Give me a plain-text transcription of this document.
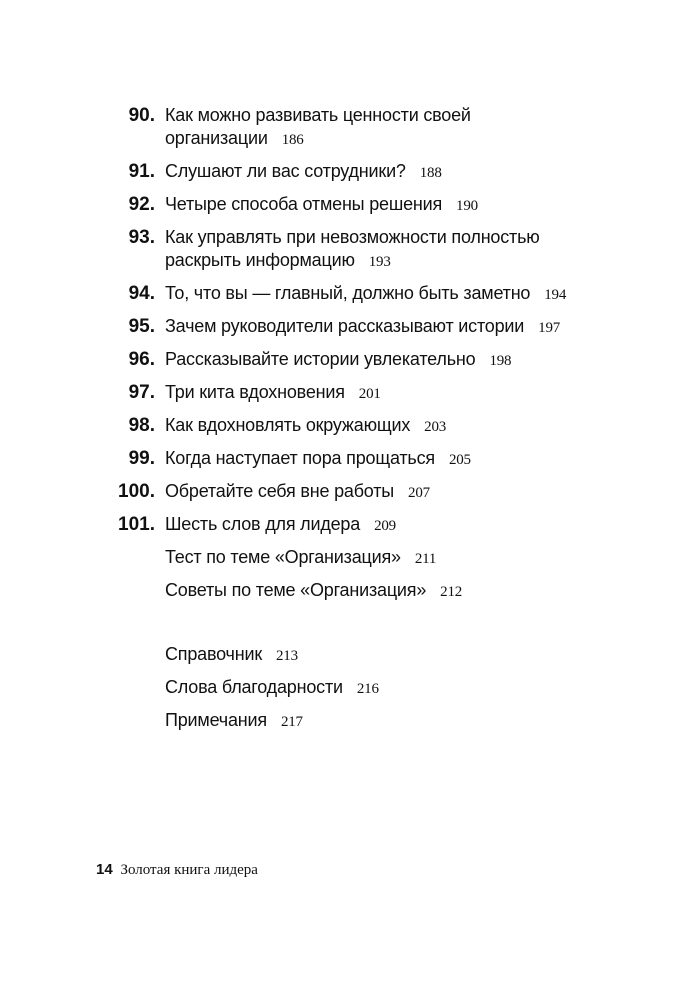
90. Как можно развивать ценности своей
организации 186
91. Слушают ли вас сотрудники? 188
92. Четыре способа отмены решения 190
93. Как управлять при невозможности полностью
раскрыть информацию 193
94. То, что вы — главный, должно быть заметно 194
95. Зачем руководители рассказывают истории 197
96. Рассказывайте истории увлекательно 198
97. Три кита вдохновения 201
98. Как вдохновлять окружающих 203
99. Когда наступает пора прощаться 205
100. Обретайте себя вне работы 207
101. Шесть слов для лидера 209
Тест по теме «Организация» 211
Советы по теме «Организация» 212
Справочник 213
Слова благодарности 216
Примечания 217
14 Золотая книга лидера
